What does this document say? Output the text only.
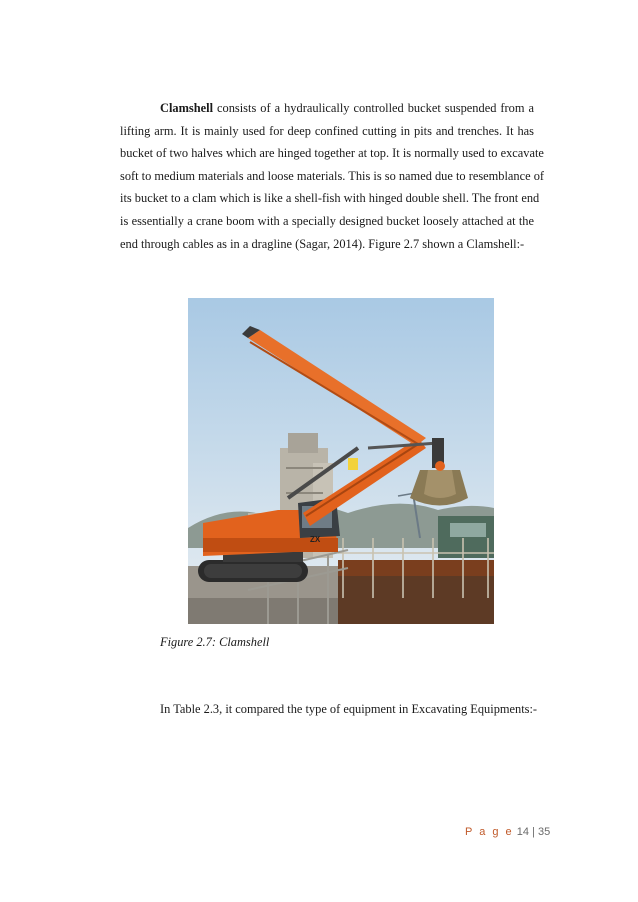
Clamshell consists of a hydraulically controlled bucket suspended from a
lifting arm. It is mainly used for deep confined cutting in pits and trenches. It has
bucket of two halves which are hinged together at top. It is normally used to excavate
soft to medium materials and loose materials. This is so named due to resemblance of
its bucket to a clam which is like a shell-fish with hinged double shell. The front end
is essentially a crane boom with a specially designed bucket loosely attached at the
end through cables as in a dragline (Sagar, 2014). Figure 2.7 shown a Clamshell:-

ZX
Figure 2.7: Clamshell
In Table 2.3, it compared the type of equipment in Excavating Equipments:-
P a g e 14 | 35
